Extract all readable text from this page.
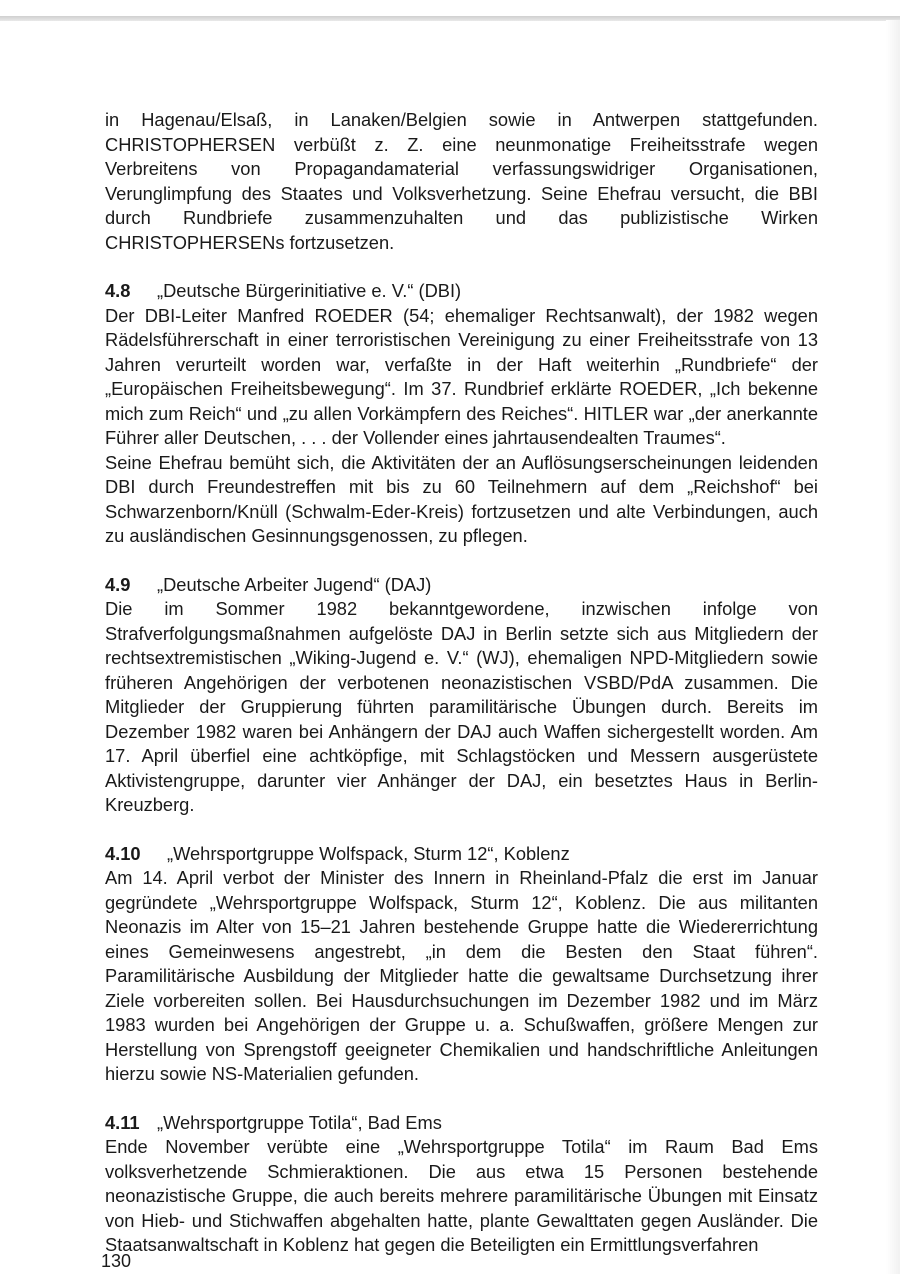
in Hagenau/Elsaß, in Lanaken/Belgien sowie in Antwerpen stattgefunden. CHRISTOPHERSEN verbüßt z. Z. eine neunmonatige Freiheitsstrafe wegen Verbreitens von Propagandamaterial verfassungswidriger Organisationen, Verunglimpfung des Staates und Volksverhetzung. Seine Ehefrau versucht, die BBI durch Rundbriefe zusammenzuhalten und das publizistische Wirken CHRISTOPHERSENs fortzusetzen.

4.8 „Deutsche Bürgerinitiative e. V.“ (DBI)

Der DBI-Leiter Manfred ROEDER (54; ehemaliger Rechtsanwalt), der 1982 wegen Rädelsführerschaft in einer terroristischen Vereinigung zu einer Freiheitsstrafe von 13 Jahren verurteilt worden war, verfaßte in der Haft weiterhin „Rundbriefe“ der „Europäischen Freiheitsbewegung“. Im 37. Rundbrief erklärte ROEDER, „Ich bekenne mich zum Reich“ und „zu allen Vorkämpfern des Reiches“. HITLER war „der anerkannte Führer aller Deutschen, . . . der Vollender eines jahrtausendealten Traumes“.

Seine Ehefrau bemüht sich, die Aktivitäten der an Auflösungserscheinungen leidenden DBI durch Freundestreffen mit bis zu 60 Teilnehmern auf dem „Reichshof“ bei Schwarzenborn/Knüll (Schwalm-Eder-Kreis) fortzusetzen und alte Verbindungen, auch zu ausländischen Gesinnungsgenossen, zu pflegen.

4.9 „Deutsche Arbeiter Jugend“ (DAJ)

Die im Sommer 1982 bekanntgewordene, inzwischen infolge von Strafverfolgungsmaßnahmen aufgelöste DAJ in Berlin setzte sich aus Mitgliedern der rechtsextremistischen „Wiking-Jugend e. V.“ (WJ), ehemaligen NPD-Mitgliedern sowie früheren Angehörigen der verbotenen neonazistischen VSBD/PdA zusammen. Die Mitglieder der Gruppierung führten paramilitärische Übungen durch. Bereits im Dezember 1982 waren bei Anhängern der DAJ auch Waffen sichergestellt worden. Am 17. April überfiel eine achtköpfige, mit Schlagstöcken und Messern ausgerüstete Aktivistengruppe, darunter vier Anhänger der DAJ, ein besetztes Haus in Berlin-Kreuzberg.

4.10 „Wehrsportgruppe Wolfspack, Sturm 12“, Koblenz

Am 14. April verbot der Minister des Innern in Rheinland-Pfalz die erst im Januar gegründete „Wehrsportgruppe Wolfspack, Sturm 12“, Koblenz. Die aus militanten Neonazis im Alter von 15–21 Jahren bestehende Gruppe hatte die Wiedererrichtung eines Gemeinwesens angestrebt, „in dem die Besten den Staat führen“. Paramilitärische Ausbildung der Mitglieder hatte die gewaltsame Durchsetzung ihrer Ziele vorbereiten sollen. Bei Hausdurchsuchungen im Dezember 1982 und im März 1983 wurden bei Angehörigen der Gruppe u. a. Schußwaffen, größere Mengen zur Herstellung von Sprengstoff geeigneter Chemikalien und handschriftliche Anleitungen hierzu sowie NS-Materialien gefunden.

4.11 „Wehrsportgruppe Totila“, Bad Ems

Ende November verübte eine „Wehrsportgruppe Totila“ im Raum Bad Ems volksverhetzende Schmieraktionen. Die aus etwa 15 Personen bestehende neonazistische Gruppe, die auch bereits mehrere paramilitärische Übungen mit Einsatz von Hieb- und Stichwaffen abgehalten hatte, plante Gewalttaten gegen Ausländer. Die Staatsanwaltschaft in Koblenz hat gegen die Beteiligten ein Ermittlungsverfahren

130
